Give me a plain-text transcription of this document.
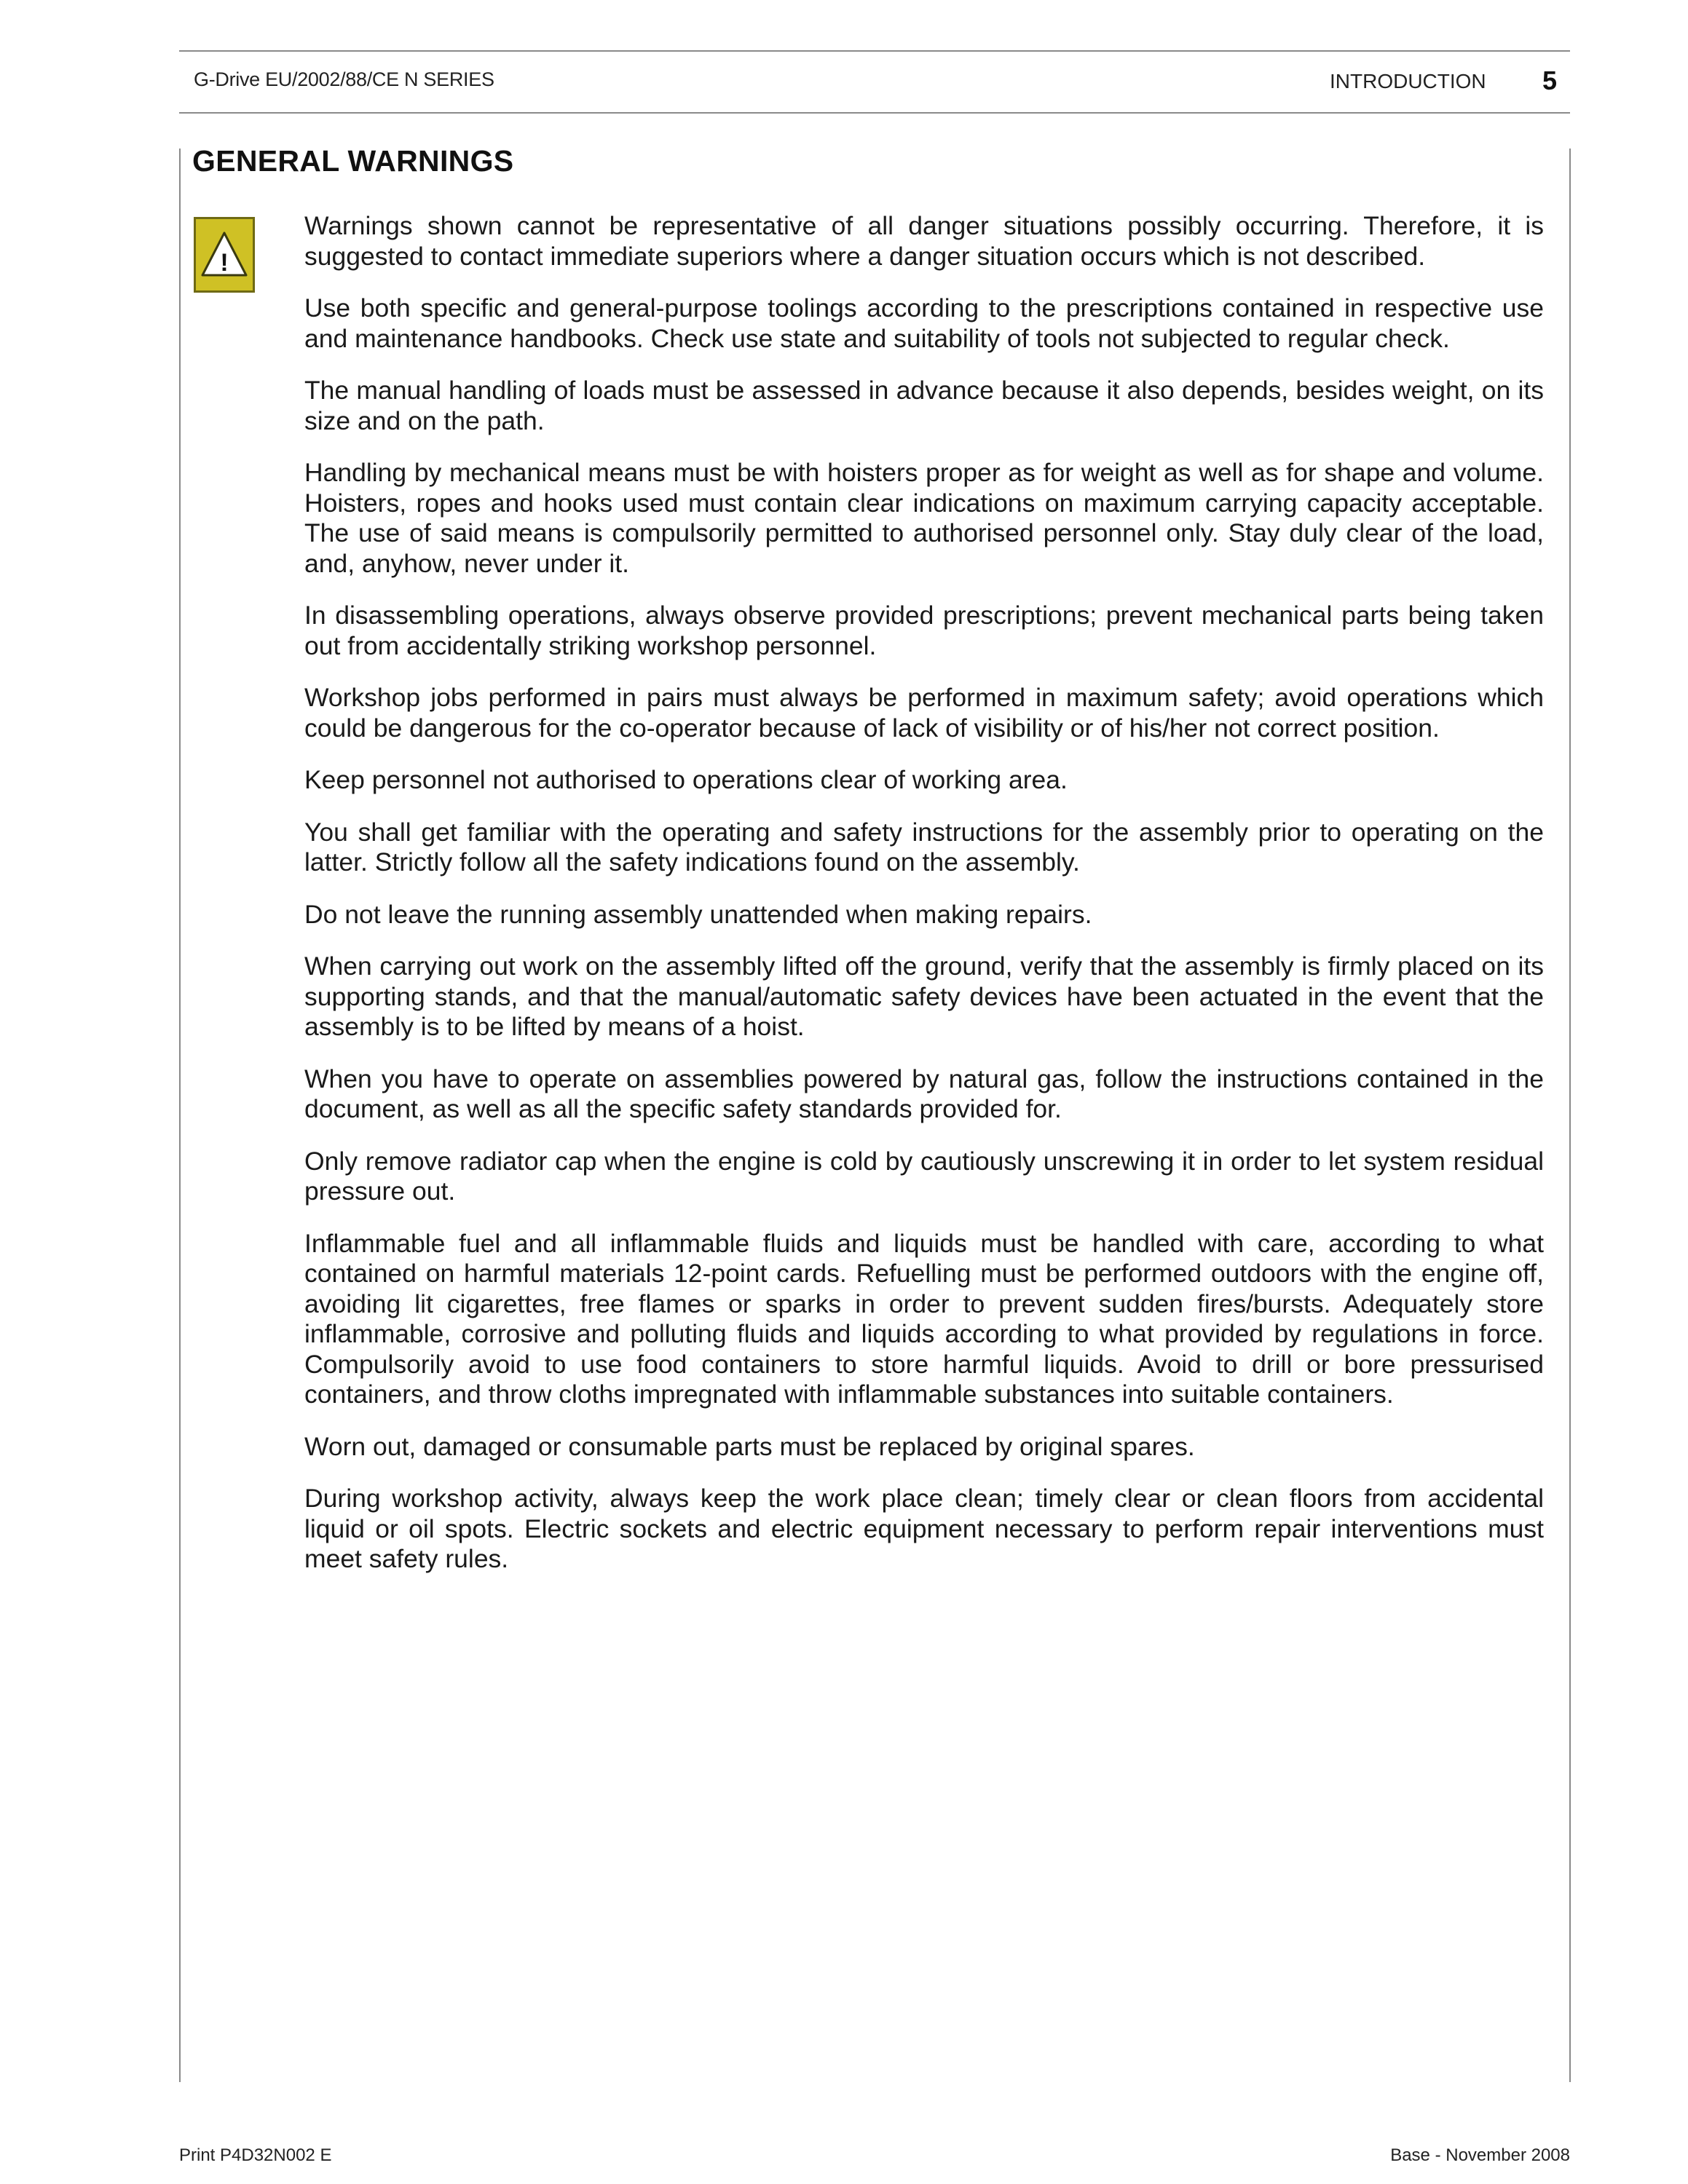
G-Drive EU/2002/88/CE N SERIES	INTRODUCTION 5
GENERAL WARNINGS
!

Warnings shown cannot be representative of all danger situations possibly occurring. Therefore, it is suggested to contact immediate superiors where a danger situation occurs which is not described.

Use both specific and general-purpose toolings according to the prescriptions contained in respective use and maintenance handbooks. Check use state and suitability of tools not subjected to regular check.

The manual handling of loads must be assessed in advance because it also depends, besides weight, on its size and on the path.

Handling by mechanical means must be with hoisters proper as for weight as well as for shape and volume. Hoisters, ropes and hooks used must contain clear indications on maximum carrying capacity acceptable. The use of said means is compulsorily permitted to authorised personnel only. Stay duly clear of the load, and, anyhow, never under it.

In disassembling operations, always observe provided prescriptions; prevent mechanical parts being taken out from accidentally striking workshop personnel.

Workshop jobs performed in pairs must always be performed in maximum safety; avoid operations which could be dangerous for the co-operator because of lack of visibility or of his/her not correct position.

Keep personnel not authorised to operations clear of working area.

You shall get familiar with the operating and safety instructions for the assembly prior to operating on the latter. Strictly follow all the safety indications found on the assembly.

Do not leave the running assembly unattended when making repairs.

When carrying out work on the assembly lifted off the ground, verify that the assembly is firmly placed on its supporting stands, and that the manual/automatic safety devices have been actuated in the event that the assembly is to be lifted by means of a hoist.

When you have to operate on assemblies powered by natural gas, follow the instructions contained in the document, as well as all the specific safety standards provided for.

Only remove radiator cap when the engine is cold by cautiously unscrewing it in order to let system residual pressure out.

Inflammable fuel and all inflammable fluids and liquids must be handled with care, according to what contained on harmful materials 12-point cards. Refuelling must be performed outdoors with the engine off, avoiding lit cigarettes, free flames or sparks in order to prevent sudden fires/bursts. Adequately store inflammable, corrosive and polluting fluids and liquids according to what provided by regulations in force. Compulsorily avoid to use food containers to store harmful liquids. Avoid to drill or bore pressurised containers, and throw cloths impregnated with inflammable substances into suitable containers.

Worn out, damaged or consumable parts must be replaced by original spares.

During workshop activity, always keep the work place clean; timely clear or clean floors from accidental liquid or oil spots. Electric sockets and electric equipment necessary to perform repair interventions must meet safety rules.

Print P4D32N002 E	Base - November 2008
